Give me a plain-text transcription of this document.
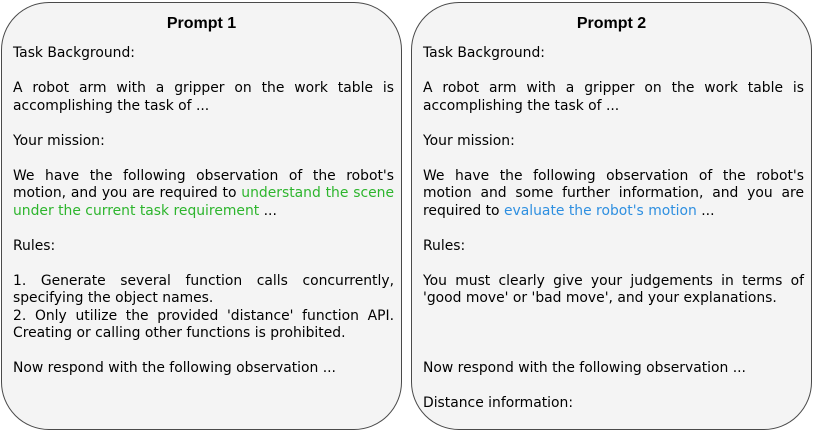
Prompt 1

Task Background:

A robot arm with a gripper on the work table is accomplishing the task of ...

Your mission:

We have the following observation of the robot's motion, and you are required to understand the scene under the current task requirement ...

Rules:

1. Generate several function calls concurrently, specifying the object names.

2. Only utilize the provided 'distance' function API. Creating or calling other functions is prohibited.

Now respond with the following observation ...

Prompt 2

Task Background:

A robot arm with a gripper on the work table is accomplishing the task of ...

Your mission:

We have the following observation of the robot's motion and some further information, and you are required to evaluate the robot's motion ...

Rules:

You must clearly give your judgements in terms of 'good move' or 'bad move', and your explanations.

Now respond with the following observation ...

Distance information:
